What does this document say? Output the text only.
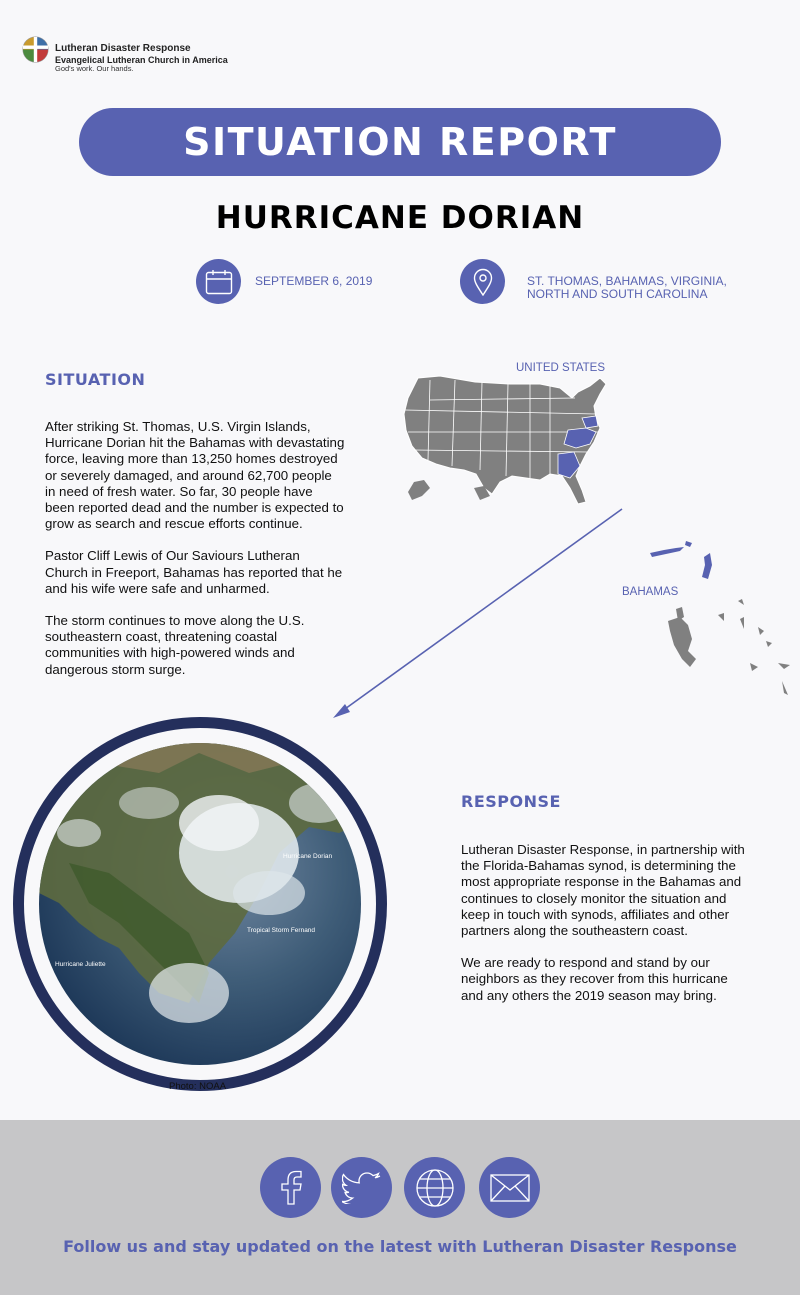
Lutheran Disaster Response
Evangelical Lutheran Church in America
God's work. Our hands.
SITUATION REPORT
HURRICANE DORIAN
SEPTEMBER 6, 2019	ST. THOMAS, BAHAMAS, VIRGINIA,
NORTH AND SOUTH CAROLINA
SITUATION

After striking St. Thomas, U.S. Virgin Islands, Hurricane Dorian hit the Bahamas with devastating force, leaving more than 13,250 homes destroyed or severely damaged, and around 62,700 people in need of fresh water. So far, 30 people have been reported dead and the number is expected to grow as search and rescue efforts continue.

Pastor Cliff Lewis of Our Saviours Lutheran Church in Freeport, Bahamas has reported that he and his wife were safe and unharmed.

The storm continues to move along the U.S. southeastern coast, threatening coastal communities with high-powered winds and dangerous storm surge.

UNITED STATES
BAHAMAS
Hurricane Dorian
Tropical Storm Fernand
Hurricane Juliette
Photo: NOAA
RESPONSE

Lutheran Disaster Response, in partnership with the Florida-Bahamas synod, is determining the most appropriate response in the Bahamas and continues to closely monitor the situation and keep in touch with synods, affiliates and other partners along the southeastern coast.

We are ready to respond and stand by our neighbors as they recover from this hurricane and any others the 2019 season may bring.

Follow us and stay updated on the latest with Lutheran Disaster Response
